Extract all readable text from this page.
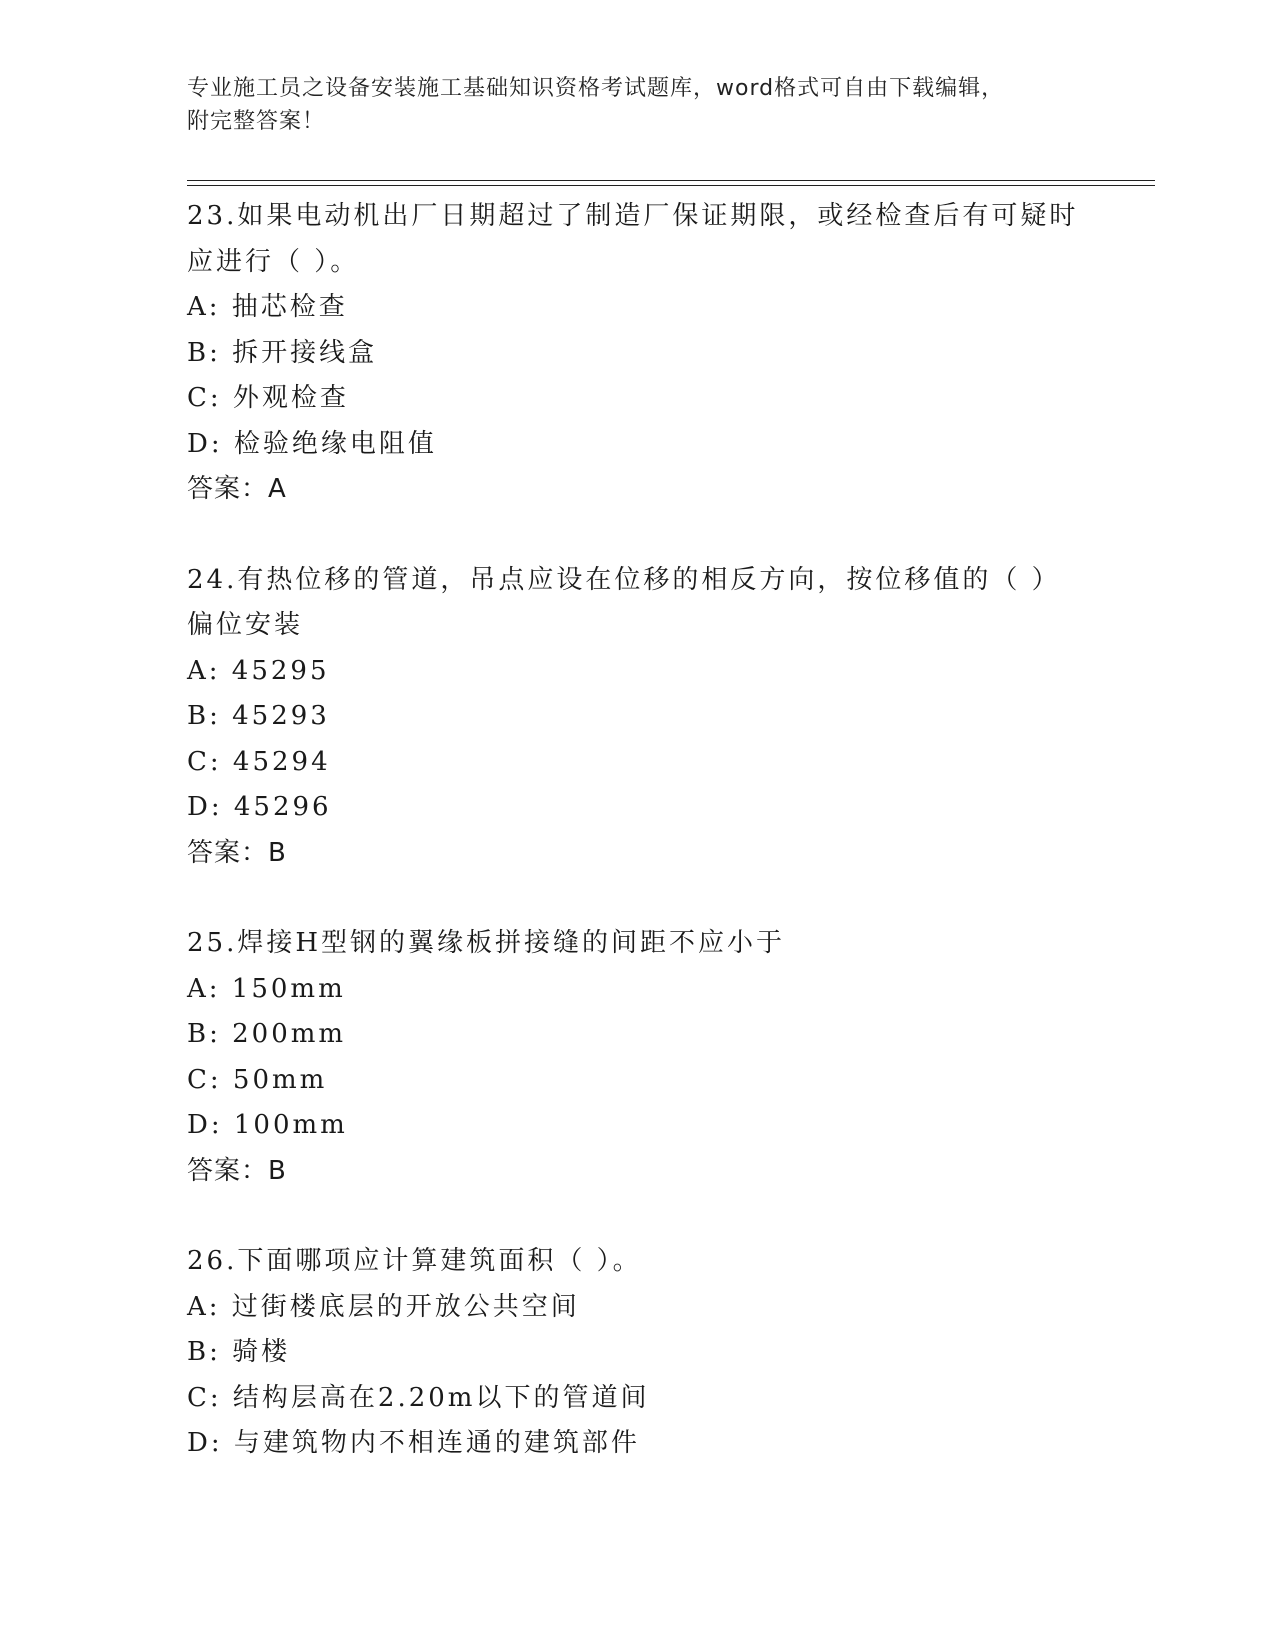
专业施工员之设备安装施工基础知识资格考试题库，word格式可自由下载编辑，
附完整答案！
23.如果电动机出厂日期超过了制造厂保证期限，或经检查后有可疑时
应进行（ ）。
A: 抽芯检查
B: 拆开接线盒
C: 外观检查
D: 检验绝缘电阻值
答案：A
24.有热位移的管道，吊点应设在位移的相反方向，按位移值的（ ）
偏位安装
A: 45295
B: 45293
C: 45294
D: 45296
答案：B
25.焊接H型钢的翼缘板拼接缝的间距不应小于
A: 150mm
B: 200mm
C: 50mm
D: 100mm
答案：B
26.下面哪项应计算建筑面积（ ）。
A: 过街楼底层的开放公共空间
B: 骑楼
C: 结构层高在2.20m以下的管道间
D: 与建筑物内不相连通的建筑部件
